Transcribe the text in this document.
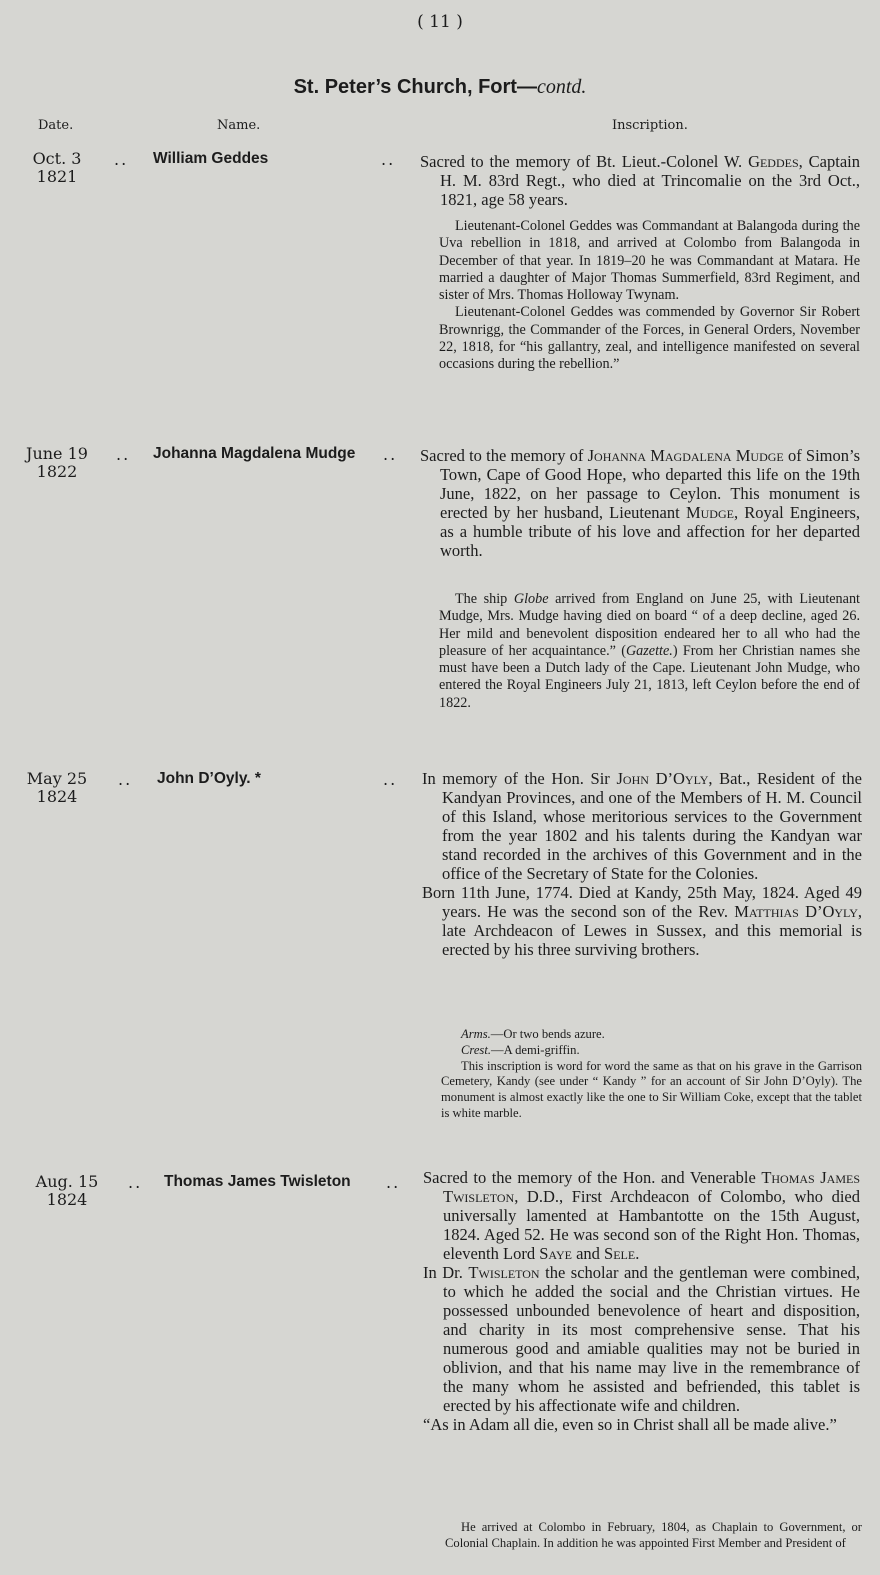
( 11 )
St. Peter’s Church, Fort—contd.
Date.	Name.	Inscription.
Oct. 3
1821
.. William Geddes	.. Sacred to the memory of Bt. Lieut.-Colonel W. Geddes, Captain H. M. 83rd Regt., who died at Trincomalie on the 3rd Oct., 1821, age 58 years.

Lieutenant-Colonel Geddes was Commandant at Balangoda during the Uva rebellion in 1818, and arrived at Colombo from Balangoda in December of that year. In 1819–20 he was Commandant at Matara. He married a daughter of Major Thomas Summerfield, 83rd Regiment, and sister of Mrs. Thomas Holloway Twynam.

Lieutenant-Colonel Geddes was commended by Governor Sir Robert Brownrigg, the Commander of the Forces, in General Orders, November 22, 1818, for “his gallantry, zeal, and intelligence manifested on several occasions during the rebellion.”

June 19
1822
.. Johanna Magdalena Mudge .. Sacred to the memory of Johanna Magdalena Mudge of Simon’s Town, Cape of Good Hope, who departed this life on the 19th June, 1822, on her passage to Ceylon. This monument is erected by her husband, Lieutenant Mudge, Royal Engineers, as a humble tribute of his love and affection for her departed worth.

The ship Globe arrived from England on June 25, with Lieutenant Mudge, Mrs. Mudge having died on board “ of a deep decline, aged 26. Her mild and benevolent disposition endeared her to all who had the pleasure of her acquaintance.” (Gazette.) From her Christian names she must have been a Dutch lady of the Cape. Lieutenant John Mudge, who entered the Royal Engineers July 21, 1813, left Ceylon before the end of 1822.

May 25
1824
.. John D’Oyly. *	.. In memory of the Hon. Sir John D’Oyly, Bat., Resident of the Kandyan Provinces, and one of the Members of H. M. Council of this Island, whose meritorious services to the Government from the year 1802 and his talents during the Kandyan war stand recorded in the archives of this Government and in the office of the Secretary of State for the Colonies.

Born 11th June, 1774. Died at Kandy, 25th May, 1824. Aged 49 years. He was the second son of the Rev. Matthias D’Oyly, late Archdeacon of Lewes in Sussex, and this memorial is erected by his three surviving brothers.

Arms.—Or two bends azure.

Crest.—A demi-griffin.

This inscription is word for word the same as that on his grave in the Garrison Cemetery, Kandy (see under “ Kandy ” for an account of Sir John D’Oyly). The monument is almost exactly like the one to Sir William Coke, except that the tablet is white marble.

Aug. 15
1824
.. Thomas James Twisleton .. Sacred to the memory of the Hon. and Venerable Thomas James Twisleton, D.D., First Archdeacon of Colombo, who died universally lamented at Hambantotte on the 15th August, 1824. Aged 52. He was second son of the Right Hon. Thomas, eleventh Lord Saye and Sele.

In Dr. Twisleton the scholar and the gentleman were combined, to which he added the social and the Christian virtues. He possessed unbounded benevolence of heart and disposition, and charity in its most comprehensive sense. That his numerous good and amiable qualities may not be buried in oblivion, and that his name may live in the remembrance of the many whom he assisted and befriended, this tablet is erected by his affectionate wife and children.

“As in Adam all die, even so in Christ shall all be made alive.”

He arrived at Colombo in February, 1804, as Chaplain to Government, or Colonial Chaplain. In addition he was appointed First Member and President of
